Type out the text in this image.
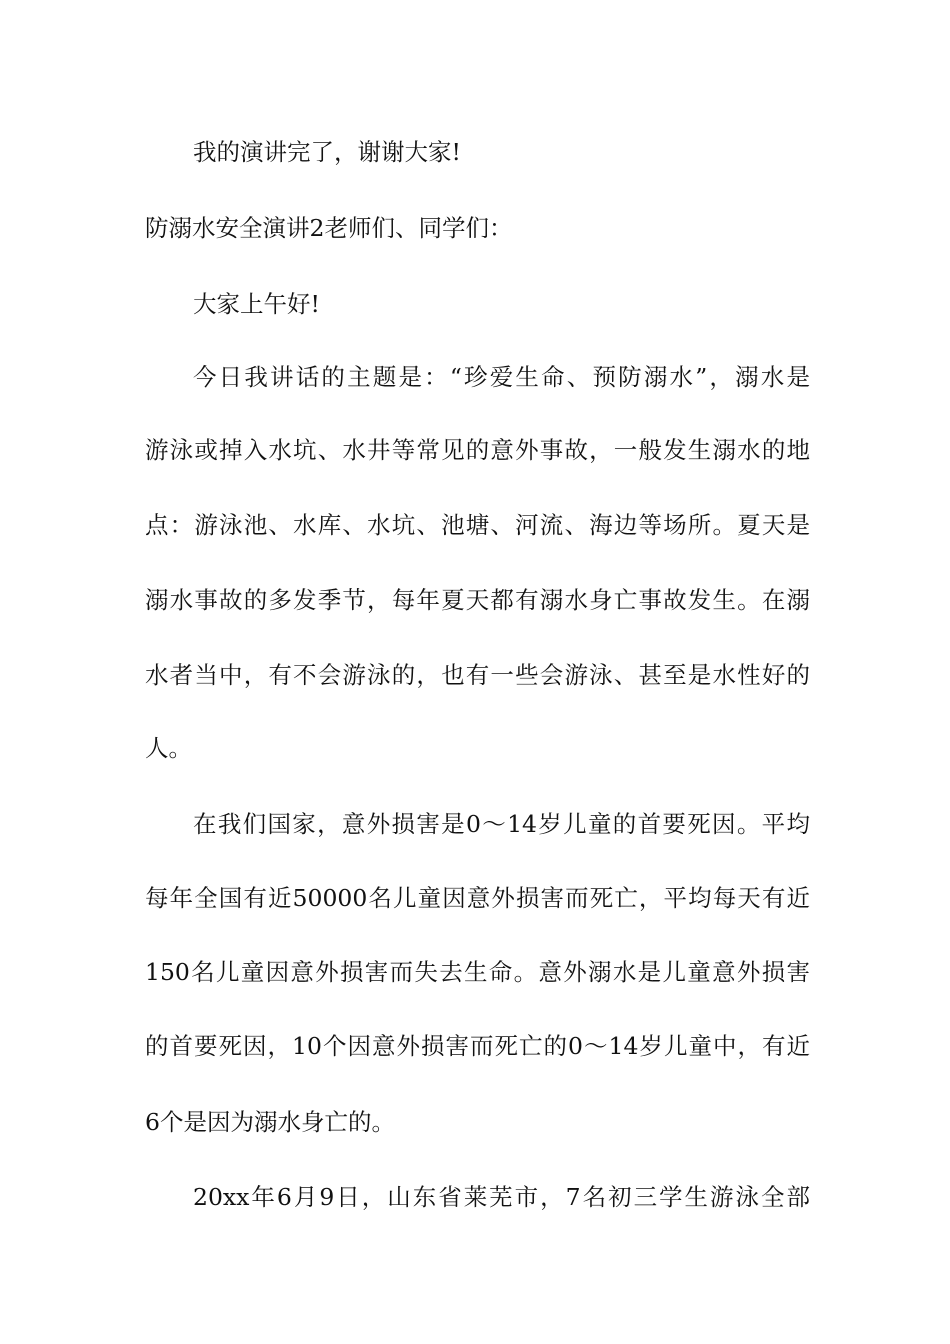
我的演讲完了，谢谢大家!
防溺水安全演讲2老师们、同学们：
大家上午好!
今日我讲话的主题是：“珍爱生命、预防溺水”，溺水是
游泳或掉入水坑、水井等常见的意外事故，一般发生溺水的地
点：游泳池、水库、水坑、池塘、河流、海边等场所。夏天是
溺水事故的多发季节，每年夏天都有溺水身亡事故发生。在溺
水者当中，有不会游泳的，也有一些会游泳、甚至是水性好的
人。
在我们国家，意外损害是0～14岁儿童的首要死因。平均
每年全国有近50000名儿童因意外损害而死亡，平均每天有近
150名儿童因意外损害而失去生命。意外溺水是儿童意外损害
的首要死因，10个因意外损害而死亡的0～14岁儿童中，有近
6个是因为溺水身亡的。
20xx年6月9日，山东省莱芜市，7名初三学生游泳全部
